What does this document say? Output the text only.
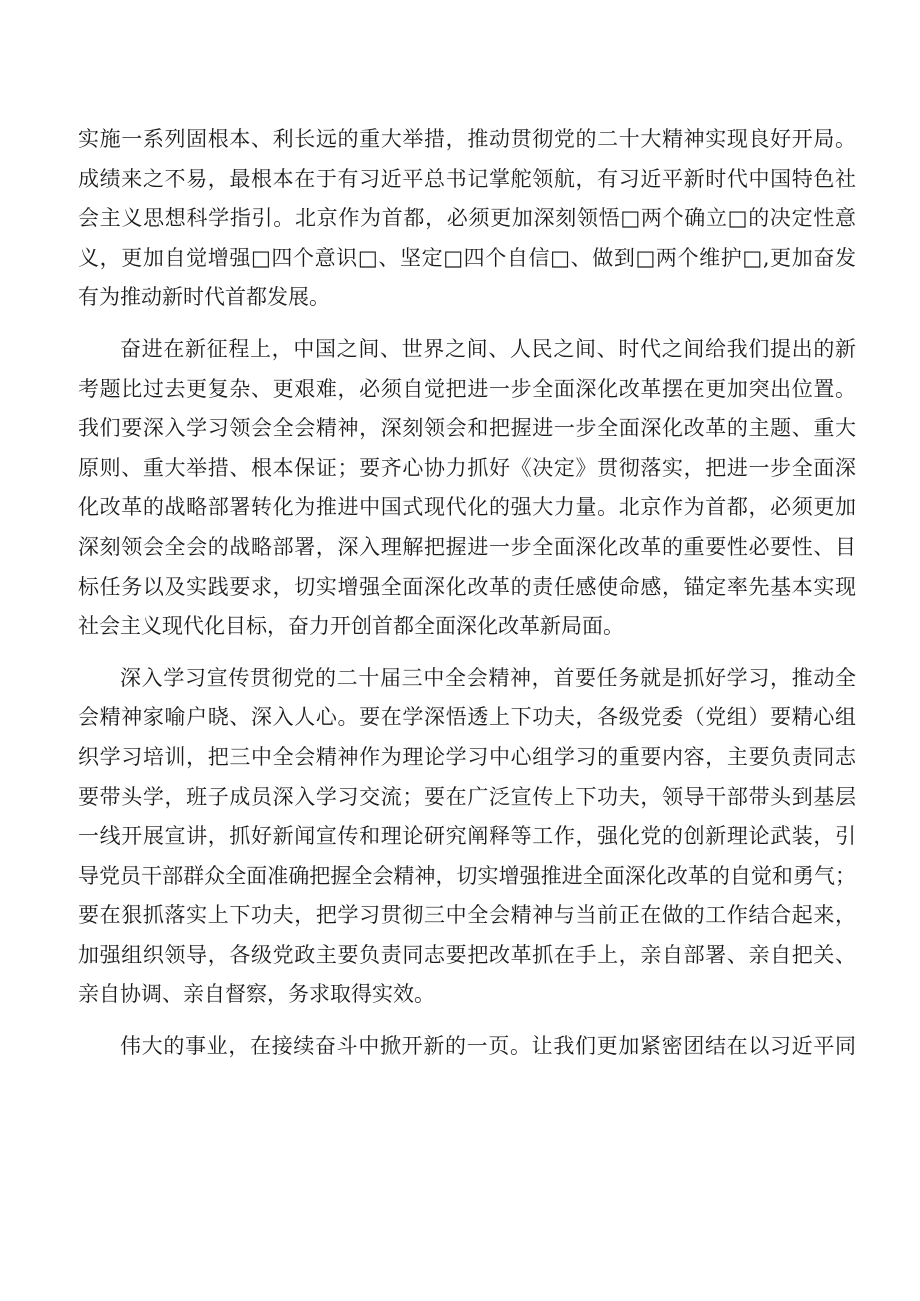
实施一系列固根本、利长远的重大举措，推动贯彻党的二十大精神实现良好开局。
成绩来之不易，最根本在于有习近平总书记掌舵领航，有习近平新时代中国特色社
会主义思想科学指引。北京作为首都，必须更加深刻领悟□两个确立□的决定性意
义，更加自觉增强□四个意识□、坚定□四个自信□、做到□两个维护□,更加奋发
有为推动新时代首都发展。
奋进在新征程上，中国之间、世界之间、人民之间、时代之间给我们提出的新
考题比过去更复杂、更艰难，必须自觉把进一步全面深化改革摆在更加突出位置。
我们要深入学习领会全会精神，深刻领会和把握进一步全面深化改革的主题、重大
原则、重大举措、根本保证；要齐心协力抓好《决定》贯彻落实，把进一步全面深
化改革的战略部署转化为推进中国式现代化的强大力量。北京作为首都，必须更加
深刻领会全会的战略部署，深入理解把握进一步全面深化改革的重要性必要性、目
标任务以及实践要求，切实增强全面深化改革的责任感使命感，锚定率先基本实现
社会主义现代化目标，奋力开创首都全面深化改革新局面。
深入学习宣传贯彻党的二十届三中全会精神，首要任务就是抓好学习，推动全
会精神家喻户晓、深入人心。要在学深悟透上下功夫，各级党委（党组）要精心组
织学习培训，把三中全会精神作为理论学习中心组学习的重要内容，主要负责同志
要带头学，班子成员深入学习交流；要在广泛宣传上下功夫，领导干部带头到基层
一线开展宣讲，抓好新闻宣传和理论研究阐释等工作，强化党的创新理论武装，引
导党员干部群众全面准确把握全会精神，切实增强推进全面深化改革的自觉和勇气；
要在狠抓落实上下功夫，把学习贯彻三中全会精神与当前正在做的工作结合起来，
加强组织领导，各级党政主要负责同志要把改革抓在手上，亲自部署、亲自把关、
亲自协调、亲自督察，务求取得实效。
伟大的事业，在接续奋斗中掀开新的一页。让我们更加紧密团结在以习近平同
